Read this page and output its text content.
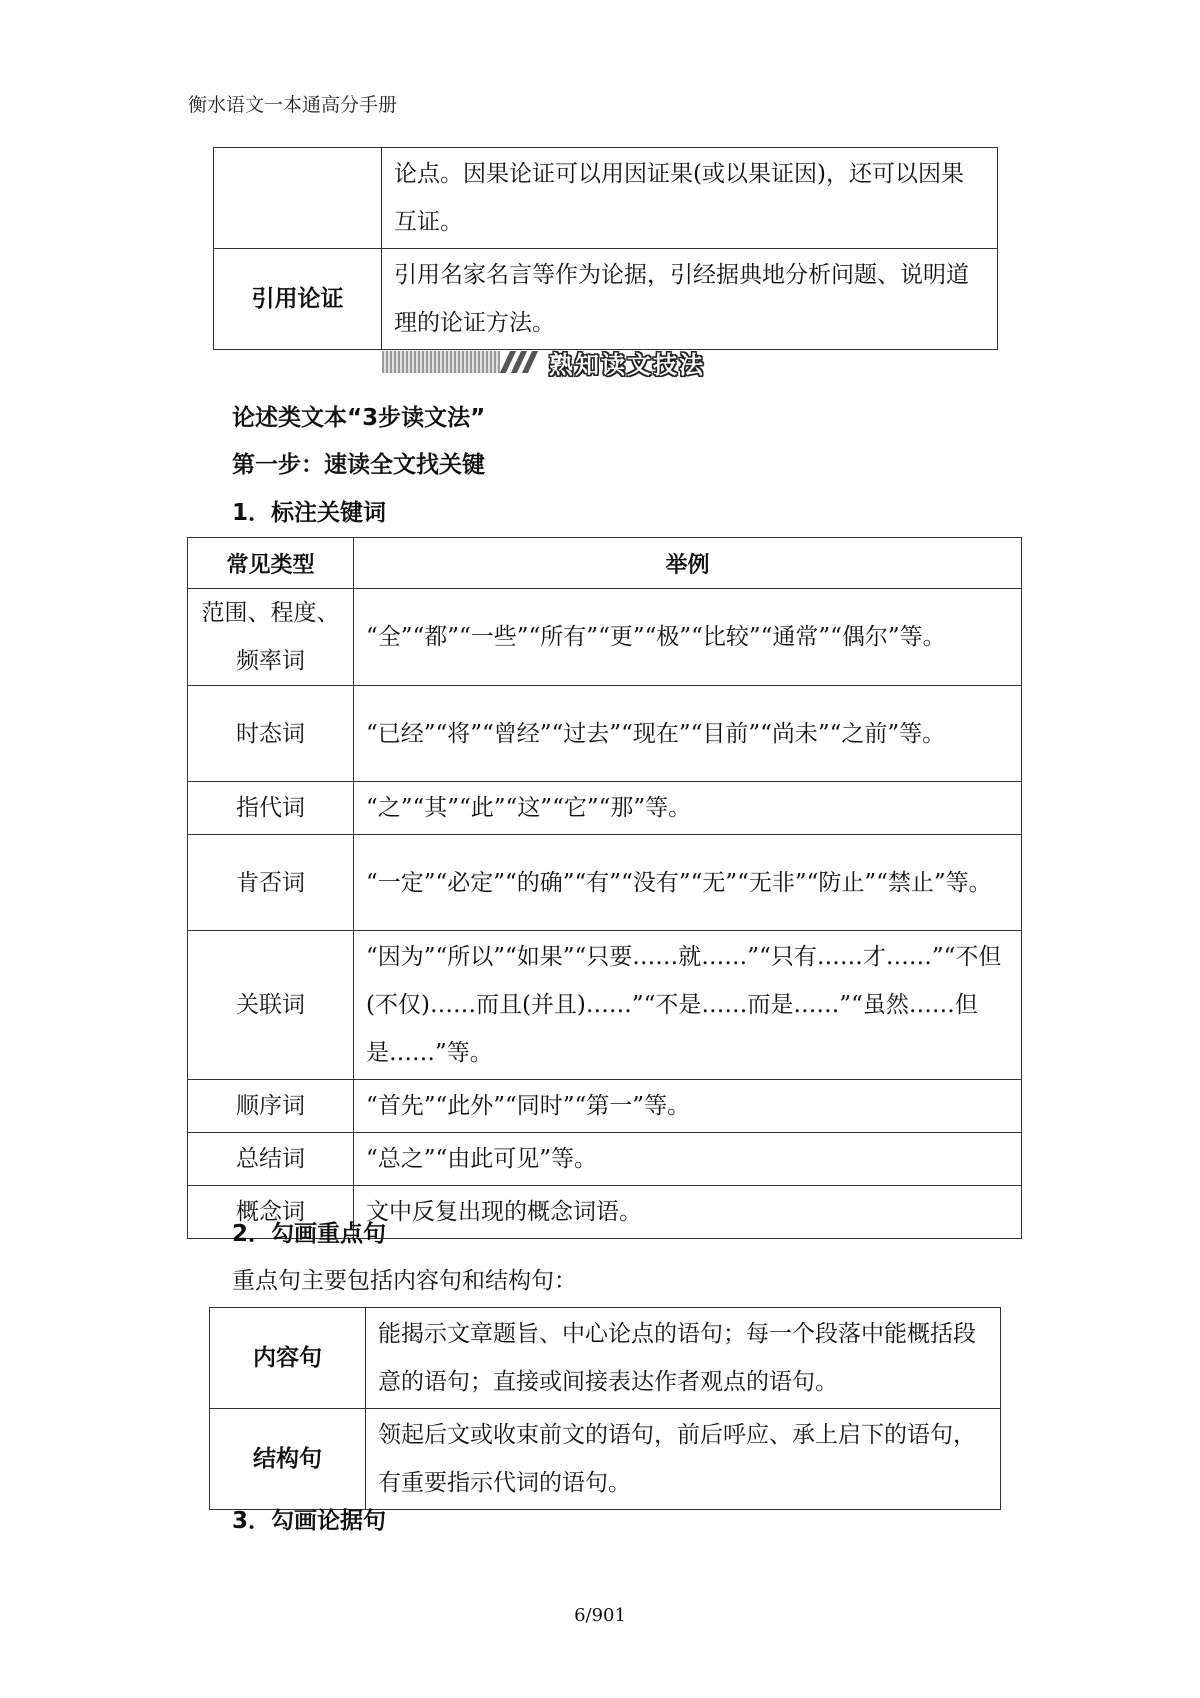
衡水语文一本通高分手册
	论点。因果论证可以用因证果(或以果证因)，还可以因果互证。
引用论证	引用名家名言等作为论据，引经据典地分析问题、说明道理的论证方法。
熟知读文技法
论述类文本“3步读文法”
第一步：速读全文找关键
1．标注关键词
常见类型	举例
范围、程度、频率词	“全”“都”“一些”“所有”“更”“极”“比较”“通常”“偶尔”等。
时态词	“已经”“将”“曾经”“过去”“现在”“目前”“尚未”“之前”等。
指代词	“之”“其”“此”“这”“它”“那”等。
肯否词	“一定”“必定”“的确”“有”“没有”“无”“无非”“防止”“禁止”等。
关联词	“因为”“所以”“如果”“只要……就……”“只有……才……”“不但(不仅)……而且(并且)……”“不是……而是……”“虽然……但是……”等。
顺序词	“首先”“此外”“同时”“第一”等。
总结词	“总之”“由此可见”等。
概念词	文中反复出现的概念词语。
2．勾画重点句
重点句主要包括内容句和结构句：
内容句	能揭示文章题旨、中心论点的语句；每一个段落中能概括段意的语句；直接或间接表达作者观点的语句。
结构句	领起后文或收束前文的语句，前后呼应、承上启下的语句，有重要指示代词的语句。
3．勾画论据句
6/901
